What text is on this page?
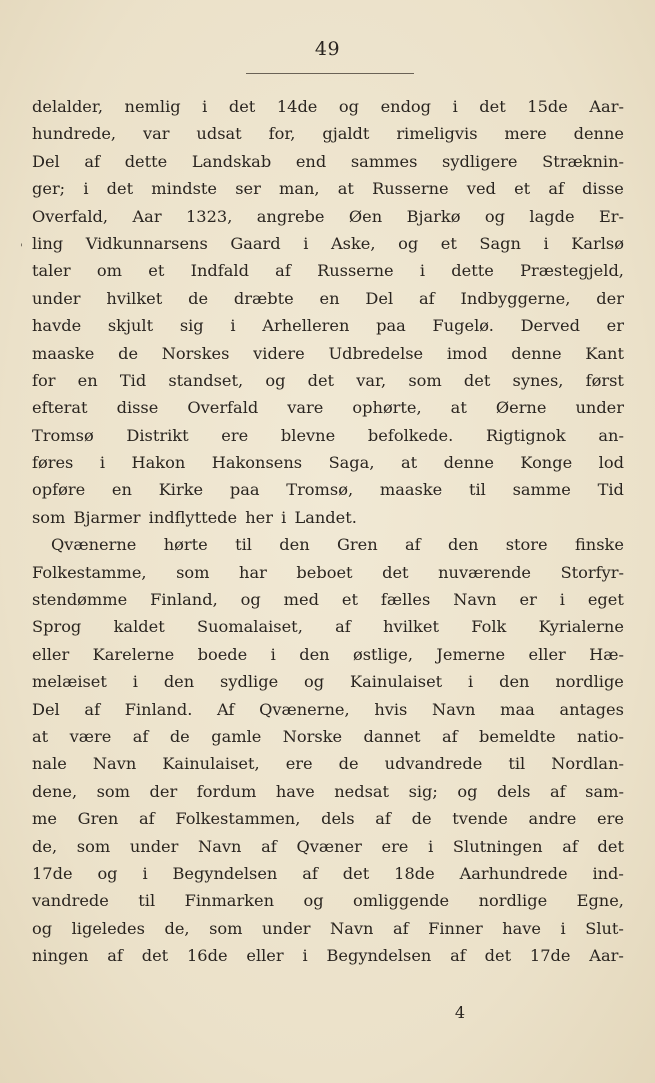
49
'
delalder, nemlig i det 14de og endog i det 15de Aar-
hundrede, var udsat for, gjaldt rimeligvis mere denne
Del af dette Landskab end sammes sydligere Stræknin-
ger; i det mindste ser man, at Russerne ved et af disse
Overfald, Aar 1323, angrebe Øen Bjarkø og lagde Er-
ling Vidkunnarsens Gaard i Aske, og et Sagn i Karlsø
taler om et Indfald af Russerne i dette Præstegjeld,
under hvilket de dræbte en Del af Indbyggerne, der
havde skjult sig i Arhelleren paa Fugelø. Derved er
maaske de Norskes videre Udbredelse imod denne Kant
for en Tid standset, og det var, som det synes, først
efterat disse Overfald vare ophørte, at Øerne under
Tromsø Distrikt ere blevne befolkede. Rigtignok an-
føres i Hakon Hakonsens Saga, at denne Konge lod
opføre en Kirke paa Tromsø, maaske til samme Tid
som Bjarmer indflyttede her i Landet.
Qvænerne hørte til den Gren af den store finske
Folkestamme, som har beboet det nuværende Storfyr-
stendømme Finland, og med et fælles Navn er i eget
Sprog kaldet Suomalaiset, af hvilket Folk Kyrialerne
eller Karelerne boede i den østlige, Jemerne eller Hæ-
melæiset i den sydlige og Kainulaiset i den nordlige
Del af Finland. Af Qvænerne, hvis Navn maa antages
at være af de gamle Norske dannet af bemeldte natio-
nale Navn Kainulaiset, ere de udvandrede til Nordlan-
dene, som der fordum have nedsat sig; og dels af sam-
me Gren af Folkestammen, dels af de tvende andre ere
de, som under Navn af Qvæner ere i Slutningen af det
17de og i Begyndelsen af det 18de Aarhundrede ind-
vandrede til Finmarken og omliggende nordlige Egne,
og ligeledes de, som under Navn af Finner have i Slut-
ningen af det 16de eller i Begyndelsen af det 17de Aar-
4
